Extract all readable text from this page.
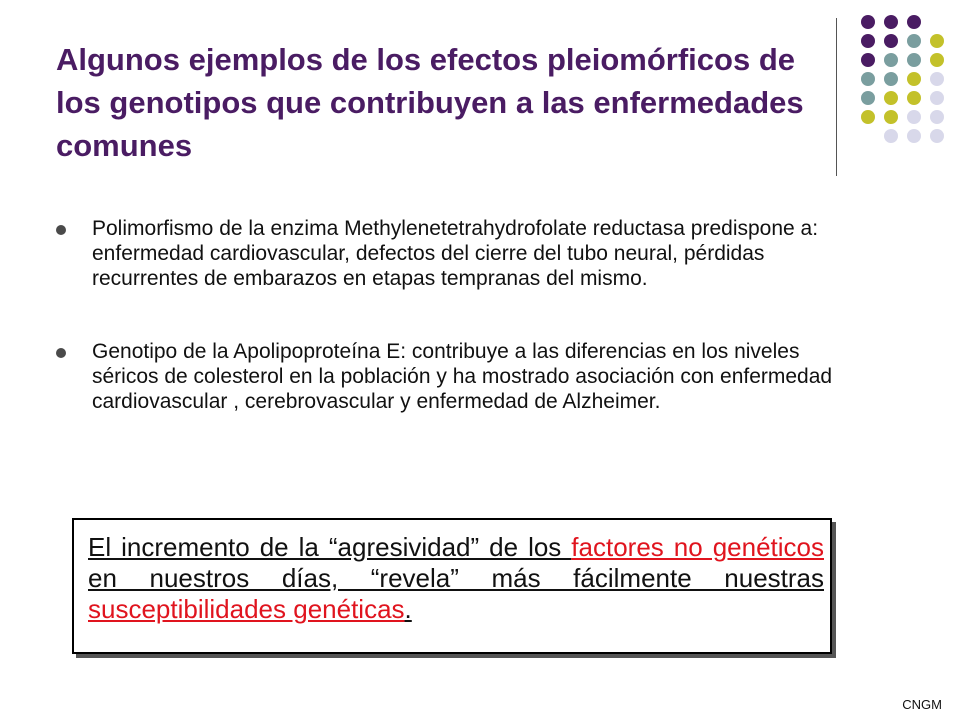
Algunos ejemplos de los efectos pleiomórficos de los genotipos que contribuyen a las enfermedades comunes
Polimorfismo de la enzima Methylenetetrahydrofolate reductasa predispone a: enfermedad cardiovascular, defectos del cierre del tubo neural, pérdidas recurrentes de embarazos en etapas tempranas del mismo.
Genotipo de la Apolipoproteína E: contribuye a las diferencias en los niveles séricos de colesterol en la población y ha mostrado asociación con enfermedad cardiovascular , cerebrovascular y enfermedad de Alzheimer.
El incremento de la “agresividad” de los factores no genéticos en nuestros días, “revela” más fácilmente nuestras susceptibilidades genéticas.
CNGM
